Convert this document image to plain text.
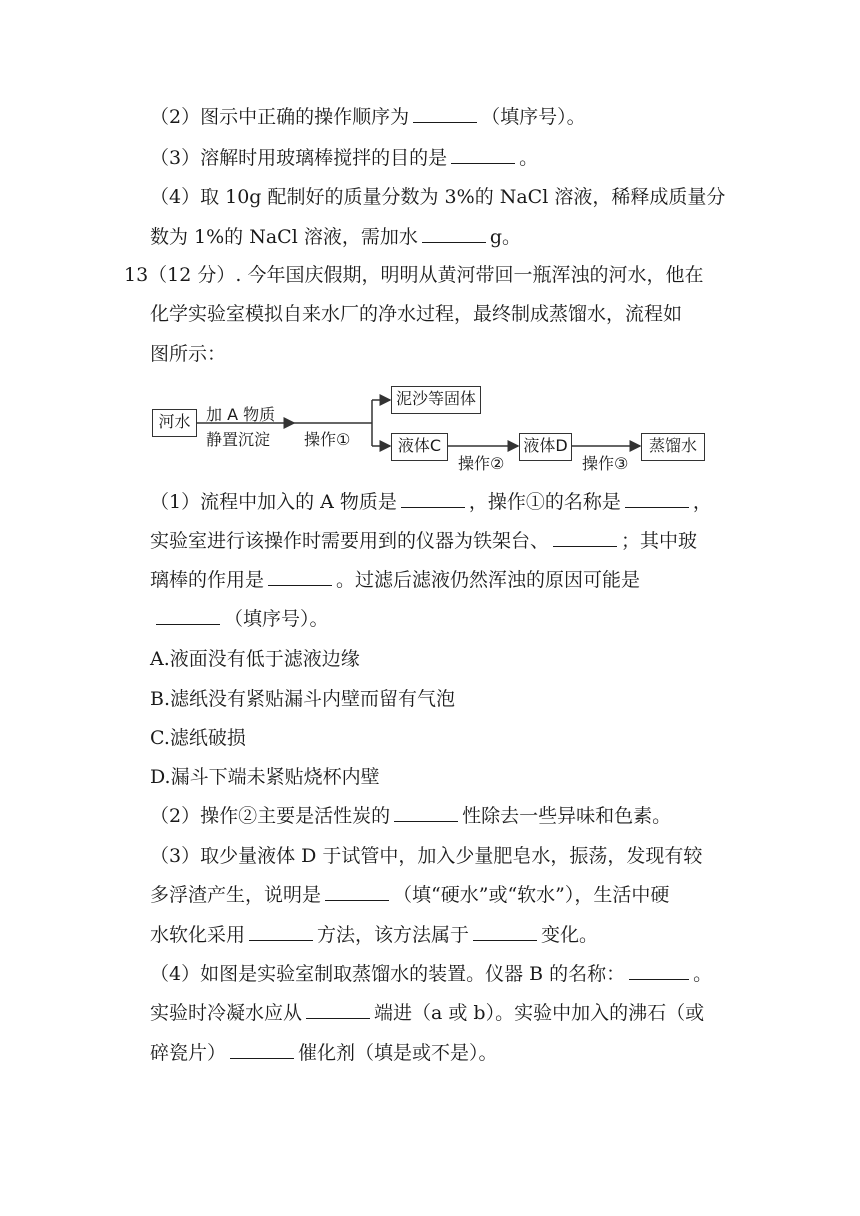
（2）图示中正确的操作顺序为	（填序号）。
（3）溶解时用玻璃棒搅拌的目的是	。
（4）取 10g 配制好的质量分数为 3%的 NaCl 溶液，稀释成质量分
数为 1%的 NaCl 溶液，需加水	g。
13（12 分）. 今年国庆假期，明明从黄河带回一瓶浑浊的河水，他在
化学实验室模拟自来水厂的净水过程，最终制成蒸馏水，流程如
图所示：
河水 加 A 物质
静置沉淀 操作①
泥沙等固体
液体C
操作②
液体D
操作③
蒸馏水
（1）流程中加入的 A 物质是	，操作①的名称是	，
实验室进行该操作时需要用到的仪器为铁架台、	；其中玻
璃棒的作用是	。过滤后滤液仍然浑浊的原因可能是
（填序号）。
A.液面没有低于滤液边缘
B.滤纸没有紧贴漏斗内壁而留有气泡
C.滤纸破损
D.漏斗下端未紧贴烧杯内壁
（2）操作②主要是活性炭的	性除去一些异味和色素。
（3）取少量液体 D 于试管中，加入少量肥皂水，振荡，发现有较
多浮渣产生，说明是	（填“硬水”或“软水”），生活中硬
水软化采用	方法，该方法属于	变化。
（4）如图是实验室制取蒸馏水的装置。仪器 B 的名称：	。
实验时冷凝水应从	端进（a 或 b）。实验中加入的沸石（或
碎瓷片）	催化剂（填是或不是）。
